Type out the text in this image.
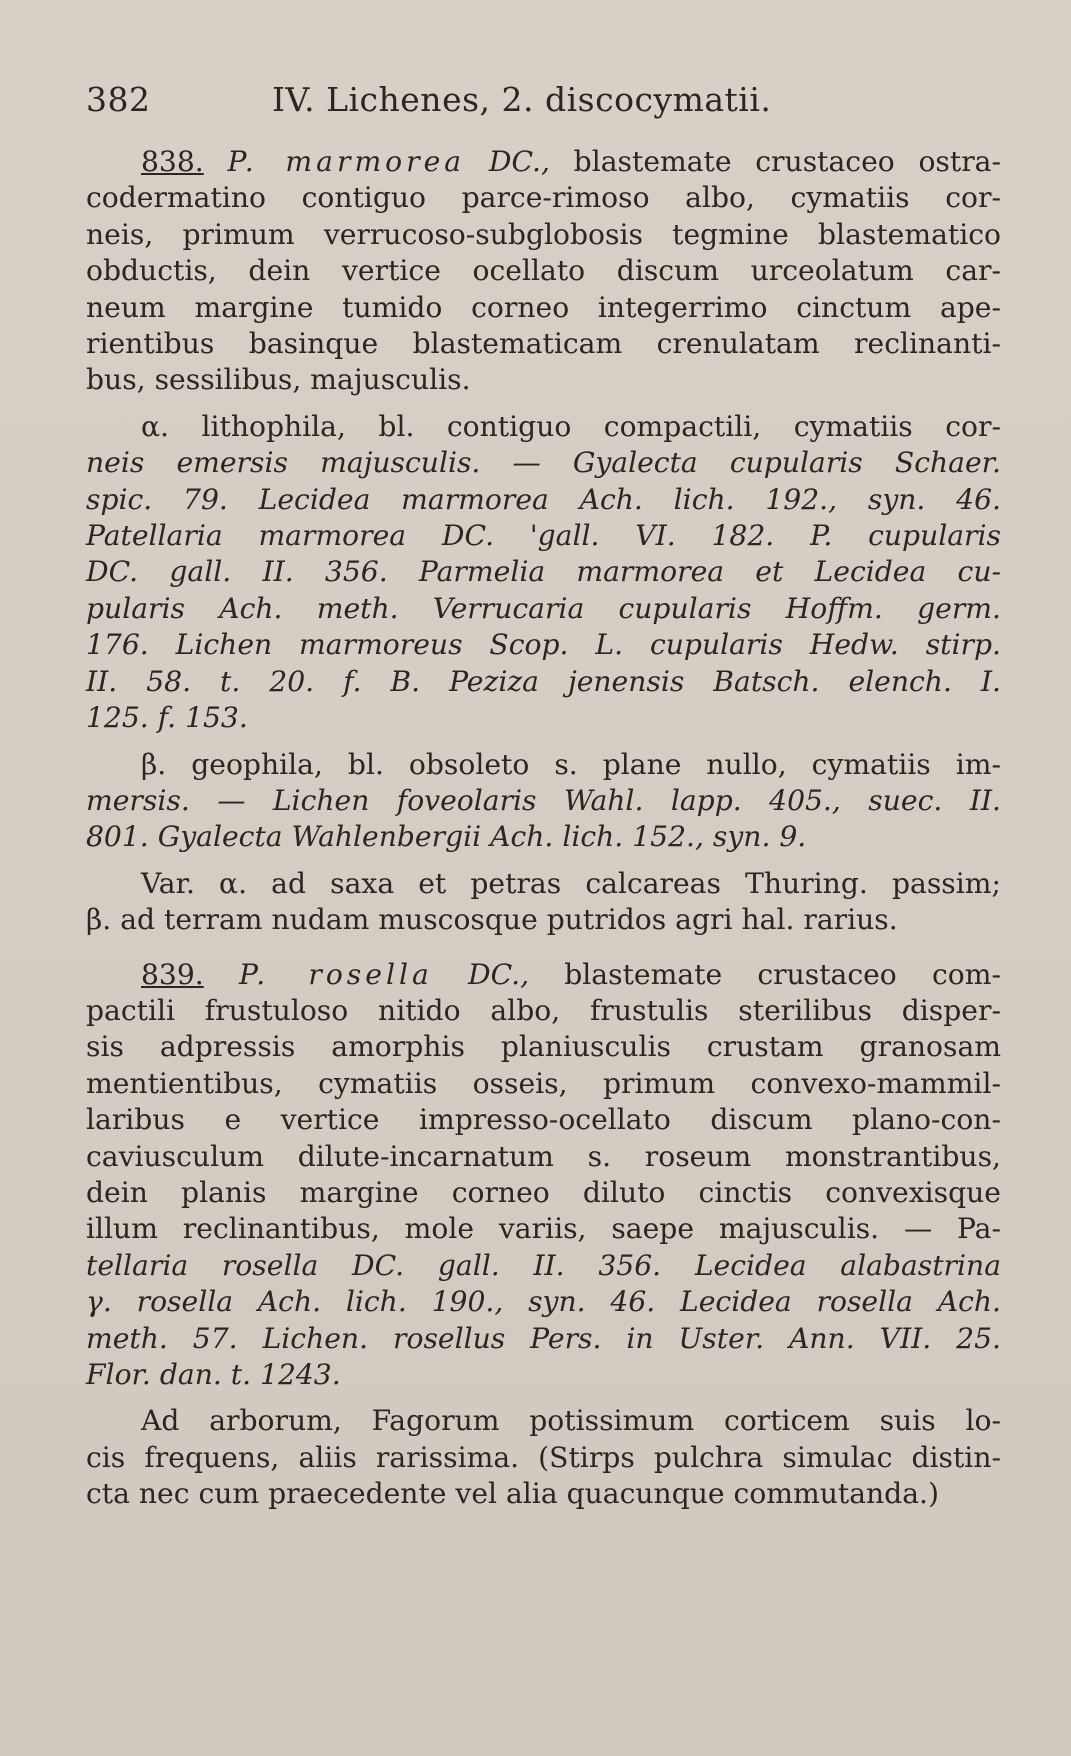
382	IV. Lichenes, 2. discocymatii.

838. P. marmorea DC., blastemate crustaceo ostra-
codermatino contiguo parce-rimoso albo, cymatiis cor-
neis, primum verrucoso-subglobosis tegmine blastematico
obductis, dein vertice ocellato discum urceolatum car-
neum margine tumido corneo integerrimo cinctum ape-
rientibus basinque blastematicam crenulatam reclinanti-
bus, sessilibus, majusculis.

α. lithophila, bl. contiguo compactili, cymatiis cor-
neis emersis majusculis. — Gyalecta cupularis Schaer.
spic. 79. Lecidea marmorea Ach. lich. 192., syn. 46.
Patellaria marmorea DC. 'gall. VI. 182. P. cupularis
DC. gall. II. 356. Parmelia marmorea et Lecidea cu-
pularis Ach. meth. Verrucaria cupularis Hoffm. germ.
176. Lichen marmoreus Scop. L. cupularis Hedw. stirp.
II. 58. t. 20. f. B. Peziza jenensis Batsch. elench. I.
125. f. 153.

β. geophila, bl. obsoleto s. plane nullo, cymatiis im-
mersis. — Lichen foveolaris Wahl. lapp. 405., suec. II.
801. Gyalecta Wahlenbergii Ach. lich. 152., syn. 9.

Var. α. ad saxa et petras calcareas Thuring. passim;
β. ad terram nudam muscosque putridos agri hal. rarius.

839. P. rosella DC., blastemate crustaceo com-
pactili frustuloso nitido albo, frustulis sterilibus disper-
sis adpressis amorphis planiusculis crustam granosam
mentientibus, cymatiis osseis, primum convexo-mammil-
laribus e vertice impresso-ocellato discum plano-con-
caviusculum dilute-incarnatum s. roseum monstrantibus,
dein planis margine corneo diluto cinctis convexisque
illum reclinantibus, mole variis, saepe majusculis. — Pa-
tellaria rosella DC. gall. II. 356. Lecidea alabastrina
γ. rosella Ach. lich. 190., syn. 46. Lecidea rosella Ach.
meth. 57. Lichen. rosellus Pers. in Uster. Ann. VII. 25.
Flor. dan. t. 1243.

Ad arborum, Fagorum potissimum corticem suis lo-
cis frequens, aliis rarissima. (Stirps pulchra simulac distin-
cta nec cum praecedente vel alia quacunque commutanda.)
